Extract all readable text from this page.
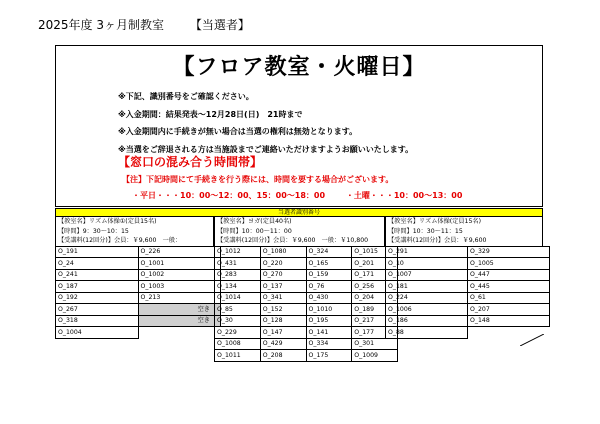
2025年度 3ヶ月制教室 【当選者】
【フロア教室・火曜日】
※下記、識別番号をご確認ください。
※入金期間：結果発表〜12月28日(日)　21時まで
※入金期間内に手続きが無い場合は当選の権利は無効となります。
※当選をご辞退される方は当施設までご連絡いただけますようお願いいたします。
【窓口の混み合う時間帯】
【注】下記時間にて手続きを行う際には、時間を要する場合がございます。
・平日・・・10：00〜12：00、15：00〜18：00	・土曜・・・10：00〜13：00
当選者識別番号
【教室名】リズム体操①(定員15名)
【時間】9：30〜10：15
【受講料(12回分)】会員：￥9,600　一般：
O_191	O_226
O_24	O_1001
O_241	O_1002
O_187	O_1003
O_192	O_213
O_267	空き
O_318	空き
O_1004	
【教室名】ヨガ(定員40名)
【時間】10：00〜11：00
【受講料(12回分)】会員：￥9,600　一般：￥10,800
O_1012	O_1080	O_324	O_1015
O_431	O_220	O_165	O_201
O_283	O_270	O_159	O_171
O_134	O_137	O_76	O_256
O_1014	O_341	O_430	O_204
O_85	O_152	O_1010	O_189
O_30	O_128	O_195	O_217
O_229	O_147	O_141	O_177
O_1008	O_429	O_334	O_301
O_1011	O_208	O_175	O_1009
【教室名】リズム体操(定員15名)
【時間】10：30〜11：15
【受講料(12回分)】会員：￥9,600
O_291	O_329
O_10	O_1005
O_1007	O_447
O_181	O_445
O_224	O_61
O_1006	O_207
O_186	O_148
O_88	
